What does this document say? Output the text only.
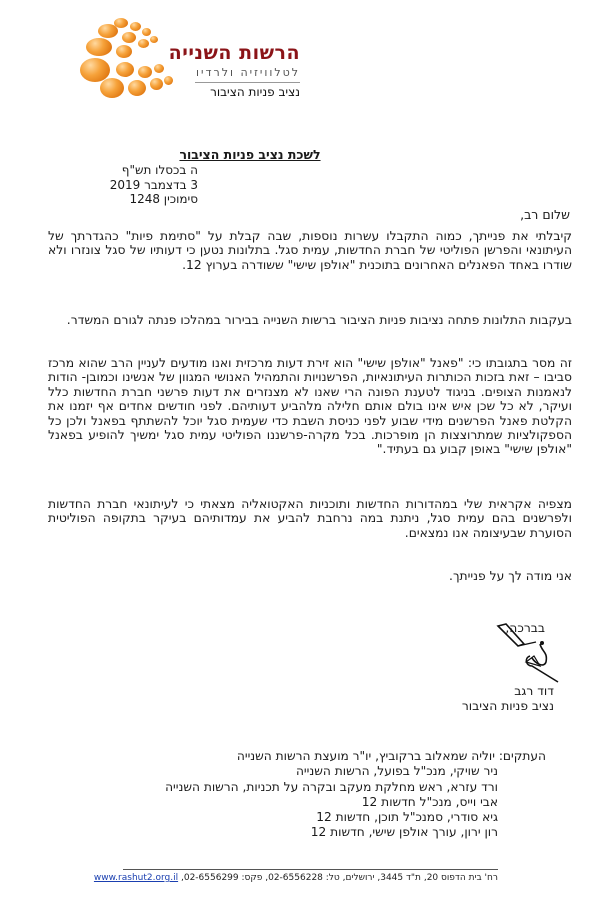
הרשות השנייה
לטלוויזיה ולרדיו
נציב פניות הציבור
לשכת נציב פניות הציבור
ה בכסלו תש"ף
3 בדצמבר 2019
סימוכין 1248
שלום רב,
קיבלתי את פנייתך, כמוה התקבלו עשרות נוספות, שבה קבלת על "סתימת פיות" כהגדרתך של העיתונאי והפרשן הפוליטי של חברת החדשות, עמית סגל. בתלונות נטען כי דעותיו של סגל צונזרו ולא שודרו באחד הפאנלים האחרונים בתוכנית "אולפן שישי" ששודרה בערוץ 12.
בעקבות התלונות פתחה נציבות פניות הציבור ברשות השנייה בבירור במהלכו פנתה לגורם המשדר.
זה מסר בתגובתו כי: "פאנל "אולפן שישי" הוא זירת דעות מרכזית ואנו מודעים לעניין הרב שהוא מרכז סביבו – זאת בזכות הכותרות העיתונאיות, הפרשנויות והתמהיל האנושי המגוון של אנשינו וכמובן- הודות לנאמנות הצופים. בניגוד לטענת הפונה הרי שאנו לא מצנזרים את דעות פרשני חברת החדשות כלל ועיקר, לא כל שכן איש אינו בולם אותם חלילה מלהביע דעותיהם. לפני חודשים אחדים אף יזמנו את הקלטת פאנל הפרשנים מידי שבוע לפני כניסת השבת כדי שעמית סגל יוכל להשתתף בפאנל ולכן כל הספקולציות שמתרוצצות הן מופרכות. בכל מקרה-פרשננו הפוליטי עמית סגל ימשיך להופיע בפאנל "אולפן שישי" באופן קבוע גם בעתיד."
מצפיה אקראית שלי במהדורות החדשות ותוכניות האקטואליה מצאתי כי לעיתונאי חברת החדשות ולפרשנים בהם עמית סגל, ניתנת במה נרחבת להביע את עמדותיהם בעיקר בתקופה הפוליטית הסוערת שבעיצומה אנו נמצאים.
אני מודה לך על פנייתך.
בברכה,
דוד רגב
נציב פניות הציבור
העתקים: יוליה שמאלוב ברקוביץ, יו"ר מועצת הרשות השנייה
ניר שויקי, מנכ"ל בפועל, הרשות השנייה
ורד עזרא, ראש מחלקת מעקב ובקרה על תכניות, הרשות השנייה
אבי וייס, מנכ"ל חדשות 12
גיא סודרי, סמנכ"ל תוכן, חדשות 12
רון ירון, עורך אולפן שישי, חדשות 12
רח' בית הדפוס 20, ת"ד 3445, ירושלים, טל: 02-6556228, פקס: 02-6556299, www.rashut2.org.il
